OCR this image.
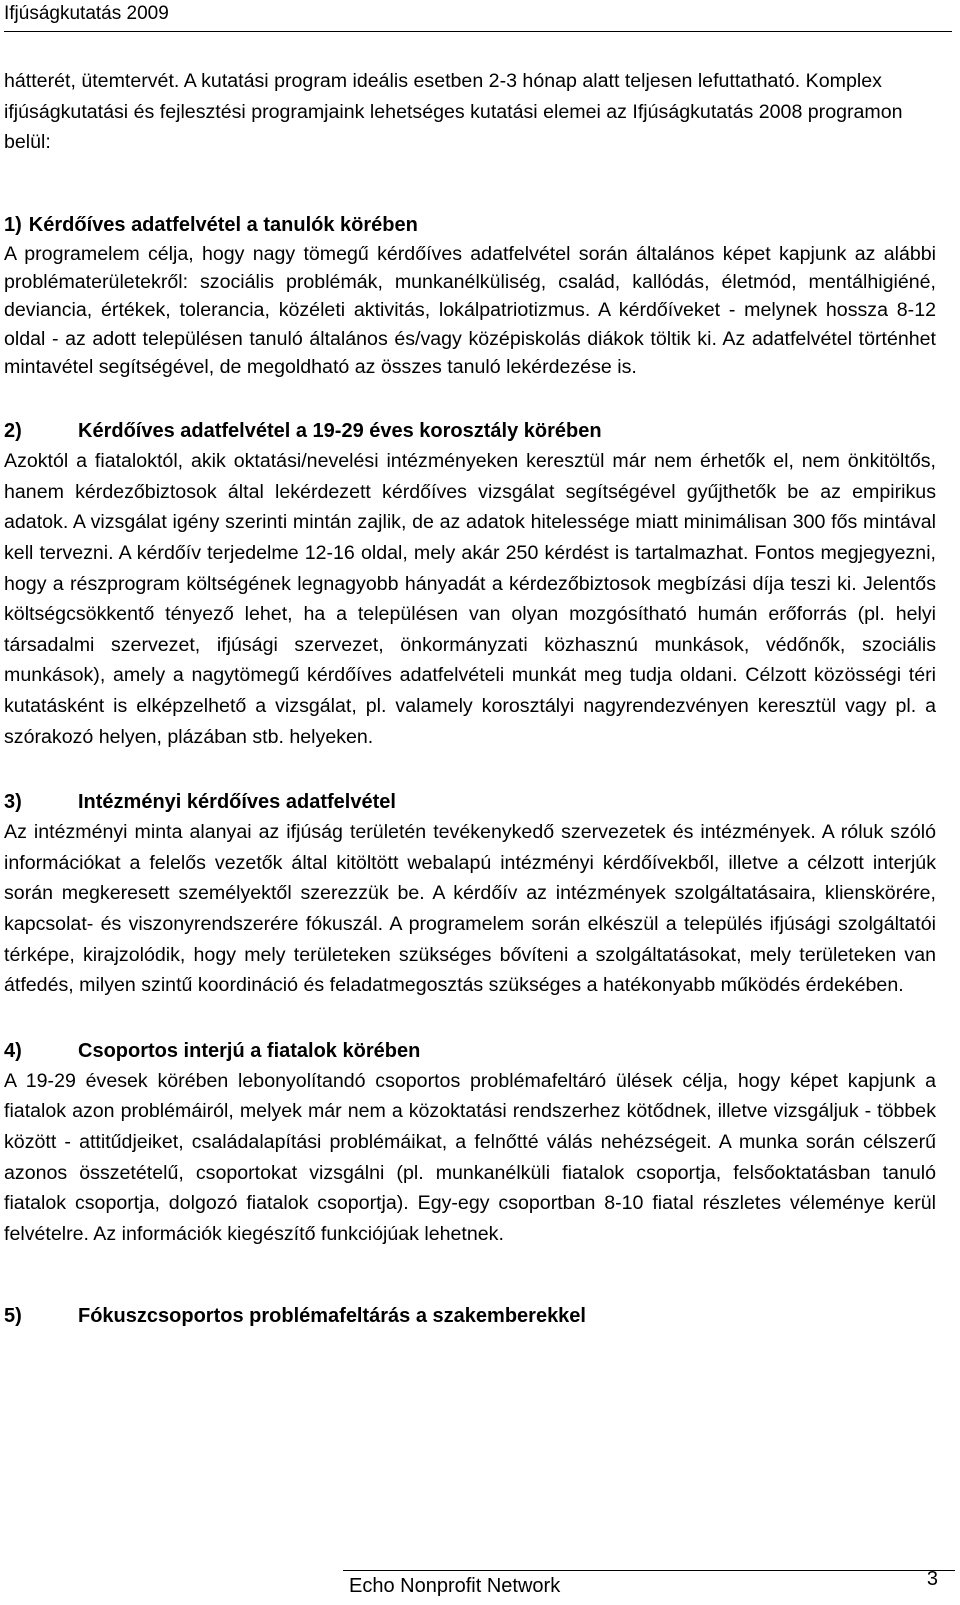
Ifjúságkutatás 2009

hátterét, ütemtervét. A kutatási program ideális esetben 2-3 hónap alatt teljesen lefuttatható. Komplex ifjúságkutatási és fejlesztési programjaink lehetséges kutatási elemei az Ifjúságkutatás 2008 programon belül:

1) Kérdőíves adatfelvétel a tanulók körében

A programelem célja, hogy nagy tömegű kérdőíves adatfelvétel során általános képet kapjunk az alábbi problématerületekről: szociális problémák, munkanélküliség, család, kallódás, életmód, mentálhigiéné, deviancia, értékek, tolerancia, közéleti aktivitás, lokálpatriotizmus. A kérdőíveket - melynek hossza 8-12 oldal - az adott településen tanuló általános és/vagy középiskolás diákok töltik ki. Az adatfelvétel történhet mintavétel segítségével, de megoldható az összes tanuló lekérdezése is.

2)	Kérdőíves adatfelvétel a 19-29 éves korosztály körében

Azoktól a fiataloktól, akik oktatási/nevelési intézményeken keresztül már nem érhetők el, nem önkitöltős, hanem kérdezőbiztosok által lekérdezett kérdőíves vizsgálat segítségével gyűjthetők be az empirikus adatok. A vizsgálat igény szerinti mintán zajlik, de az adatok hitelessége miatt minimálisan 300 fős mintával kell tervezni. A kérdőív terjedelme 12-16 oldal, mely akár 250 kérdést is tartalmazhat. Fontos megjegyezni, hogy a részprogram költségének legnagyobb hányadát a kérdezőbiztosok megbízási díja teszi ki. Jelentős költségcsökkentő tényező lehet, ha a településen van olyan mozgósítható humán erőforrás (pl. helyi társadalmi szervezet, ifjúsági szervezet, önkormányzati közhasznú munkások, védőnők, szociális munkások), amely a nagytömegű kérdőíves adatfelvételi munkát meg tudja oldani. Célzott közösségi téri kutatásként is elképzelhető a vizsgálat, pl. valamely korosztályi nagyrendezvényen keresztül vagy pl. a szórakozó helyen, plázában stb. helyeken.

3)	Intézményi kérdőíves adatfelvétel

Az intézményi minta alanyai az ifjúság területén tevékenykedő szervezetek és intézmények. A róluk szóló információkat a felelős vezetők által kitöltött webalapú intézményi kérdőívekből, illetve a célzott interjúk során megkeresett személyektől szerezzük be. A kérdőív az intézmények szolgáltatásaira, klienskörére, kapcsolat- és viszonyrendszerére fókuszál. A programelem során elkészül a település ifjúsági szolgáltatói térképe, kirajzolódik, hogy mely területeken szükséges bővíteni a szolgáltatásokat, mely területeken van átfedés, milyen szintű koordináció és feladatmegosztás szükséges a hatékonyabb működés érdekében.

4)	Csoportos interjú a fiatalok körében

A 19-29 évesek körében lebonyolítandó csoportos problémafeltáró ülések célja, hogy képet kapjunk a fiatalok azon problémáiról, melyek már nem a közoktatási rendszerhez kötődnek, illetve vizsgáljuk - többek között - attitűdjeiket, családalapítási problémáikat, a felnőtté válás nehézségeit. A munka során célszerű azonos összetételű, csoportokat vizsgálni (pl. munkanélküli fiatalok csoportja, felsőoktatásban tanuló fiatalok csoportja, dolgozó fiatalok csoportja). Egy-egy csoportban 8-10 fiatal részletes véleménye kerül felvételre. Az információk kiegészítő funkciójúak lehetnek.

5)	Fókuszcsoportos problémafeltárás a szakemberekkel

Echo Nonprofit Network	3
